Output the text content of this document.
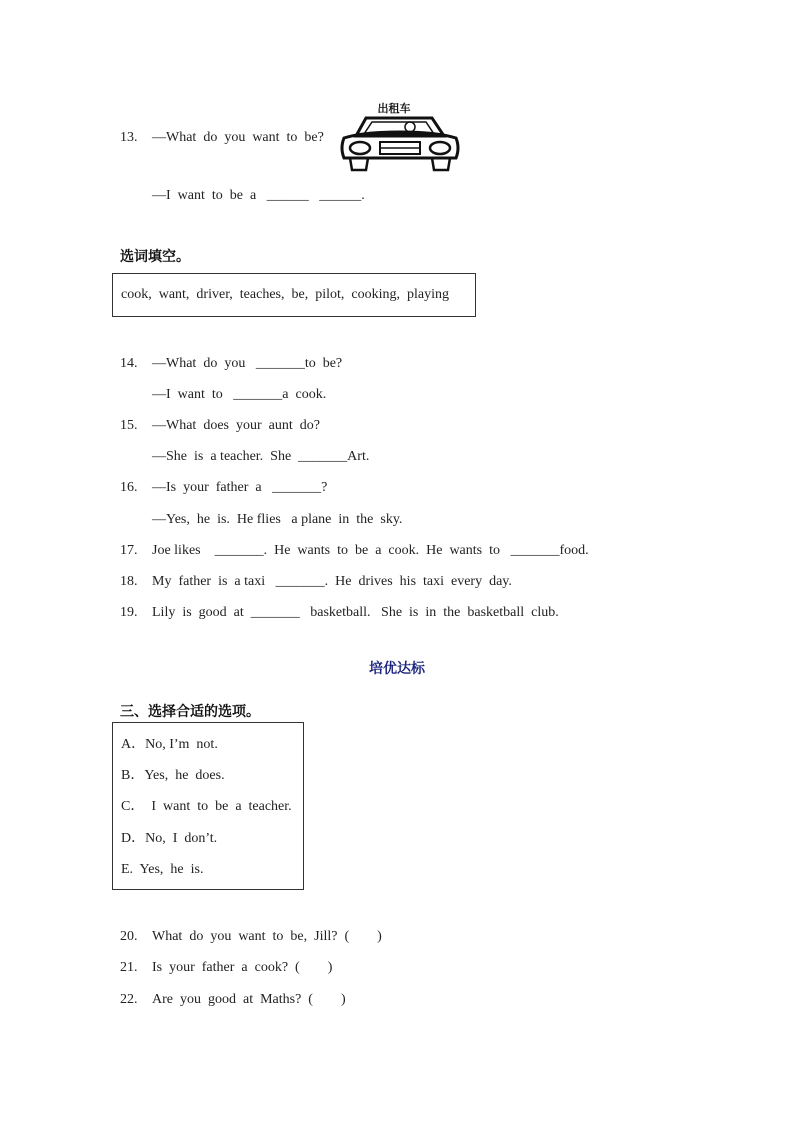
13. —What  do  you  want  to  be?
—I  want  to  be  a   ______   ______.
出租车
选词填空。
cook,  want,  driver,  teaches,  be,  pilot,  cooking,  playing
14. —What  do  you   _______to  be?
—I  want  to   _______a  cook.
15. —What  does  your  aunt  do?
—She  is  a teacher.  She  _______Art.
16. —Is  your  father  a   _______?
—Yes,  he  is.  He flies   a plane  in  the  sky.
17. Joe likes    _______.  He  wants  to  be  a  cook.  He  wants  to   _______food.
18. My  father  is  a taxi   _______.  He  drives  his  taxi  every  day.
19. Lily  is  good  at  _______   basketball.   She  is  in  the  basketball  club.
培优达标
三、选择合适的选项。
A．No, I’m  not.
B．Yes,  he  does.
C．  I  want  to  be  a  teacher.
D．No,  I  don’t.
E.  Yes,  he  is.
20. What  do  you  want  to  be,  Jill?  (        )
21. Is  your  father  a  cook?  (        )
22. Are  you  good  at  Maths?  (        )
